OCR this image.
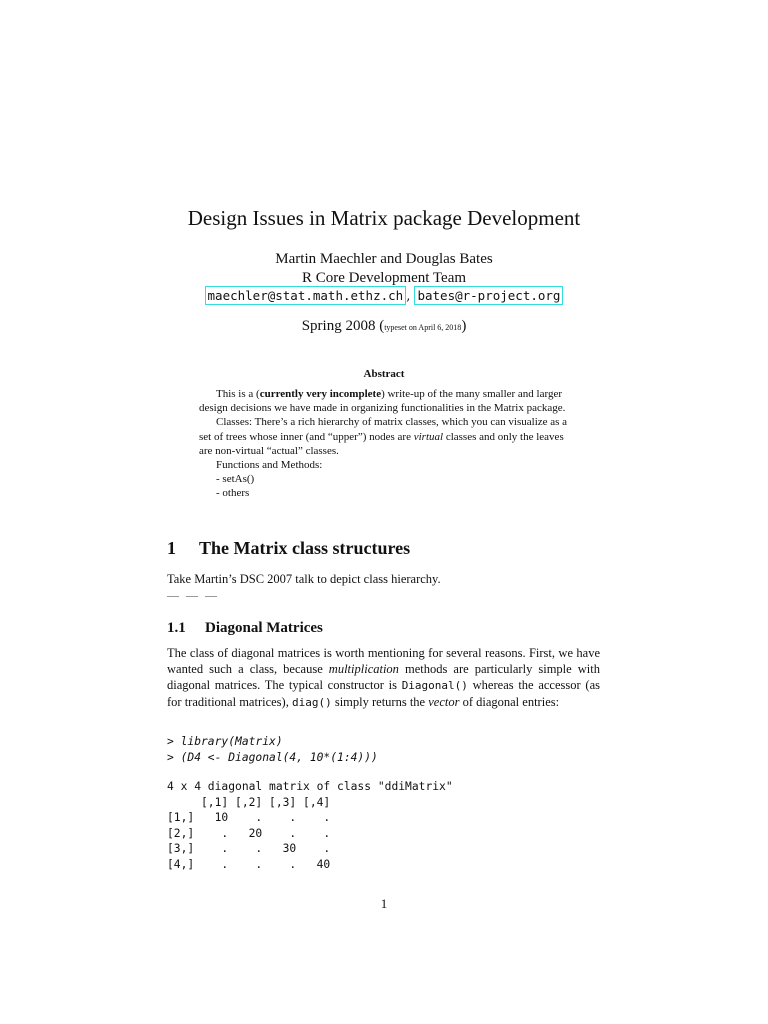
Design Issues in Matrix package Development
Martin Maechler and Douglas Bates
R Core Development Team
maechler@stat.math.ethz.ch , bates@r-project.org
Spring 2008 (typeset on April 6, 2018)
Abstract

This is a (currently very incomplete) write-up of the many smaller and larger design decisions we have made in organizing functionalities in the Matrix package.

Classes: There’s a rich hierarchy of matrix classes, which you can visualize as a set of trees whose inner (and “upper”) nodes are virtual classes and only the leaves are non-virtual “actual” classes.

Functions and Methods:
- setAs()
- others
1 The Matrix class structures
Take Martin’s DSC 2007 talk to depict class hierarchy.
— — —
1.1 Diagonal Matrices
The class of diagonal matrices is worth mentioning for several reasons. First, we have wanted such a class, because multiplication methods are particularly simple with diagonal matrices. The typical constructor is Diagonal() whereas the accessor (as for traditional matrices), diag() simply returns the vector of diagonal entries:
> library(Matrix)
> (D4 <- Diagonal(4, 10*(1:4)))
4 x 4 diagonal matrix of class "ddiMatrix"
[,1] [,2] [,3] [,4]
[1,]   10    .    .    .
[2,]    .   20    .    .
[3,]    .    .   30    .
[4,]    .    .    .   40
1
